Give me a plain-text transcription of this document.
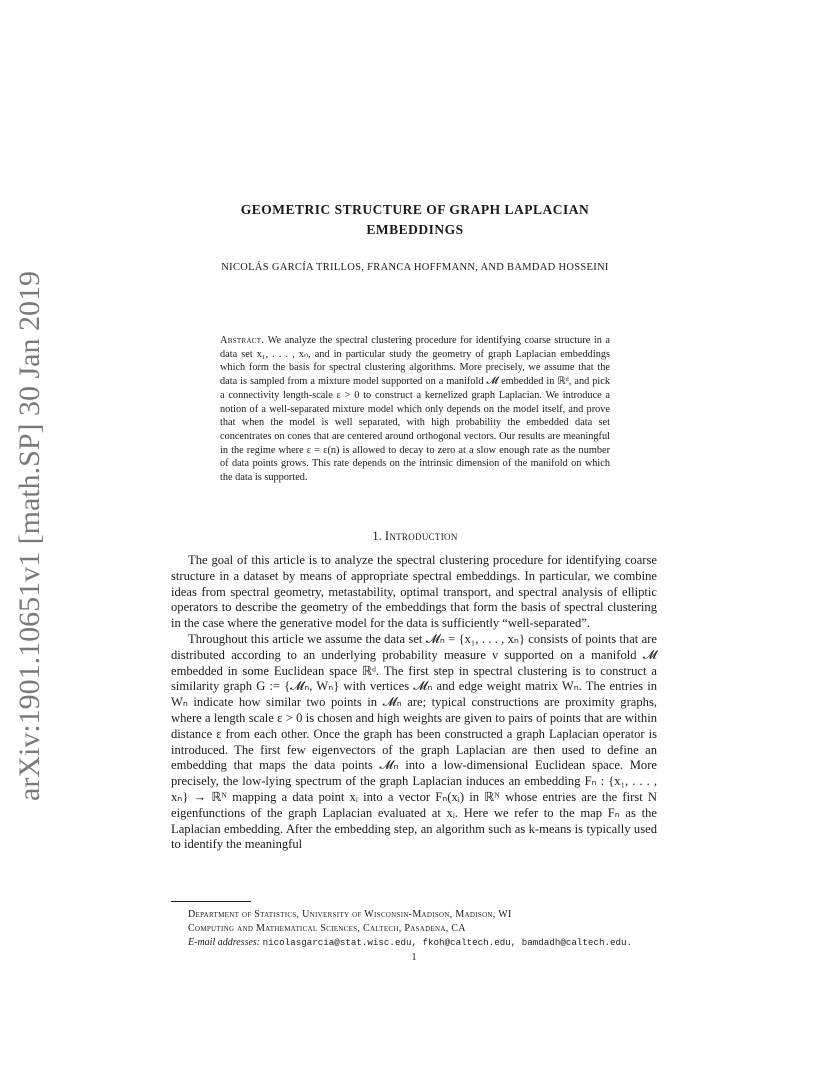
arXiv:1901.10651v1 [math.SP] 30 Jan 2019
GEOMETRIC STRUCTURE OF GRAPH LAPLACIAN
EMBEDDINGS
NICOLÁS GARCÍA TRILLOS, FRANCA HOFFMANN, AND BAMDAD HOSSEINI
Abstract. We analyze the spectral clustering procedure for identifying coarse structure in a data set x₁, . . . , xₙ, and in particular study the geometry of graph Laplacian embeddings which form the basis for spectral clustering algorithms. More precisely, we assume that the data is sampled from a mixture model supported on a manifold 𝓜 embedded in ℝᵈ, and pick a connectivity length-scale ε > 0 to construct a kernelized graph Laplacian. We introduce a notion of a well-separated mixture model which only depends on the model itself, and prove that when the model is well separated, with high probability the embedded data set concentrates on cones that are centered around orthogonal vectors. Our results are meaningful in the regime where ε = ε(n) is allowed to decay to zero at a slow enough rate as the number of data points grows. This rate depends on the intrinsic dimension of the manifold on which the data is supported.
1. Introduction

The goal of this article is to analyze the spectral clustering procedure for identifying coarse structure in a dataset by means of appropriate spectral embeddings. In particular, we combine ideas from spectral geometry, metastability, optimal transport, and spectral analysis of elliptic operators to describe the geometry of the embeddings that form the basis of spectral clustering in the case where the generative model for the data is sufficiently “well-separated”.

Throughout this article we assume the data set 𝓜ₙ = {x₁, . . . , xₙ} consists of points that are distributed according to an underlying probability measure ν supported on a manifold 𝓜 embedded in some Euclidean space ℝᵈ. The first step in spectral clustering is to construct a similarity graph G := {𝓜ₙ, Wₙ} with vertices 𝓜ₙ and edge weight matrix Wₙ. The entries in Wₙ indicate how similar two points in 𝓜ₙ are; typical constructions are proximity graphs, where a length scale ε > 0 is chosen and high weights are given to pairs of points that are within distance ε from each other. Once the graph has been constructed a graph Laplacian operator is introduced. The first few eigenvectors of the graph Laplacian are then used to define an embedding that maps the data points 𝓜ₙ into a low-dimensional Euclidean space. More precisely, the low-lying spectrum of the graph Laplacian induces an embedding Fₙ : {x₁, . . . , xₙ} → ℝᴺ mapping a data point xᵢ into a vector Fₙ(xᵢ) in ℝᴺ whose entries are the first N eigenfunctions of the graph Laplacian evaluated at xᵢ. Here we refer to the map Fₙ as the Laplacian embedding. After the embedding step, an algorithm such as k-means is typically used to identify the meaningful

Department of Statistics, University of Wisconsin-Madison, Madison, WI
Computing and Mathematical Sciences, Caltech, Pasadena, CA
E-mail addresses: nicolasgarcia@stat.wisc.edu, fkoh@caltech.edu, bamdadh@caltech.edu.
1
